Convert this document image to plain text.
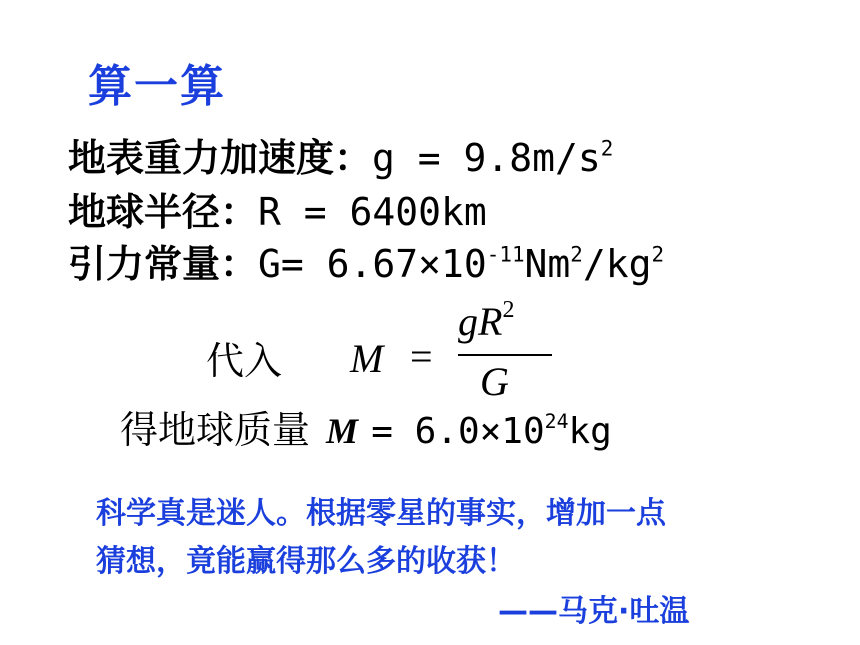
算一算
地表重力加速度：$g = 9.8m/s^2$
地球半径：R = 6400km
引力常量：$G= 6.67\times 10^{-11}Nm^2/kg^2$
代入 M =
$gR^2$
G
得地球质量 $M = 6.0\times 10^{24}kg$
科学真是迷人。根据零星的事实，增加一点
猜想，竟能赢得那么多的收获！
——马克·吐温
